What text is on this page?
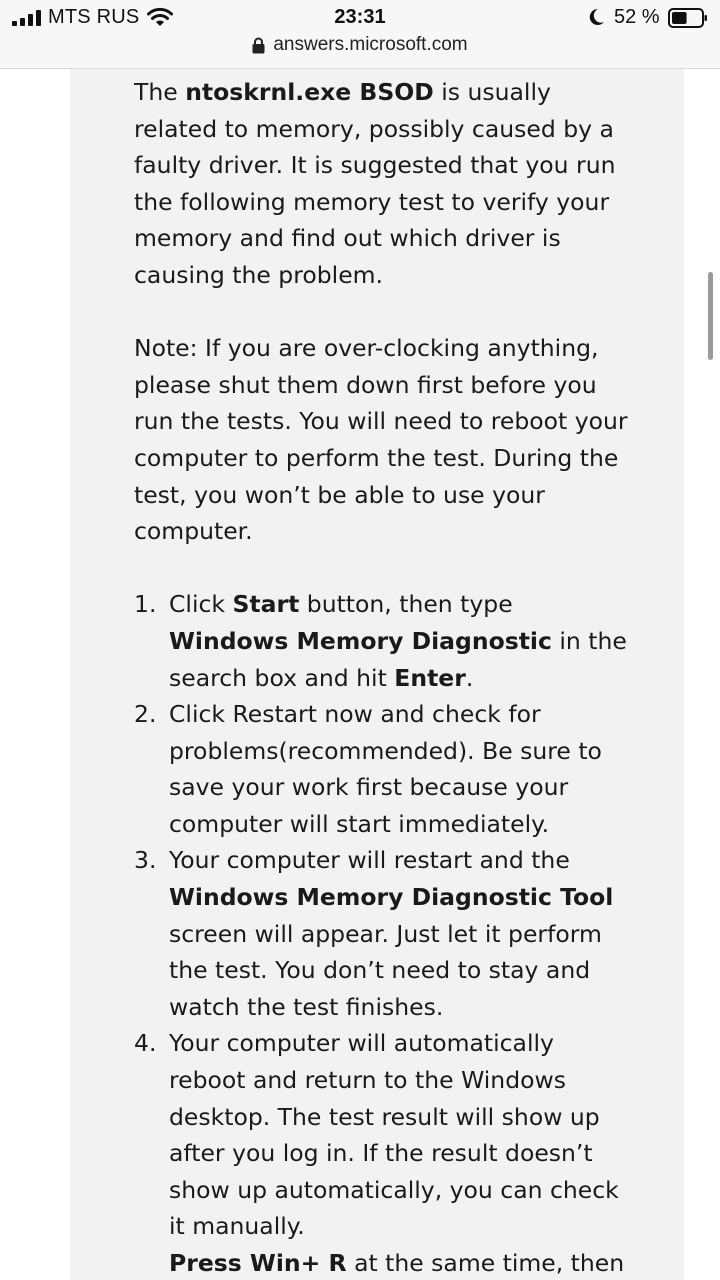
MTS RUS	23:31	52 %
answers.microsoft.com

The ntoskrnl.exe BSOD is usually related to memory, possibly caused by a faulty driver. It is suggested that you run the following memory test to verify your memory and find out which driver is causing the problem.

Note: If you are over-clocking anything, please shut them down first before you run the tests. You will need to reboot your computer to perform the test. During the test, you won’t be able to use your computer.

1. Click Start button, then type Windows Memory Diagnostic in the search box and hit Enter.
2. Click Restart now and check for problems(recommended). Be sure to save your work first because your computer will start immediately.
3. Your computer will restart and the Windows Memory Diagnostic Tool screen will appear. Just let it perform the test. You don’t need to stay and watch the test finishes.
4. Your computer will automatically reboot and return to the Windows desktop. The test result will show up after you log in. If the result doesn’t show up automatically, you can check it manually.
Press Win+ R at the same time, then
